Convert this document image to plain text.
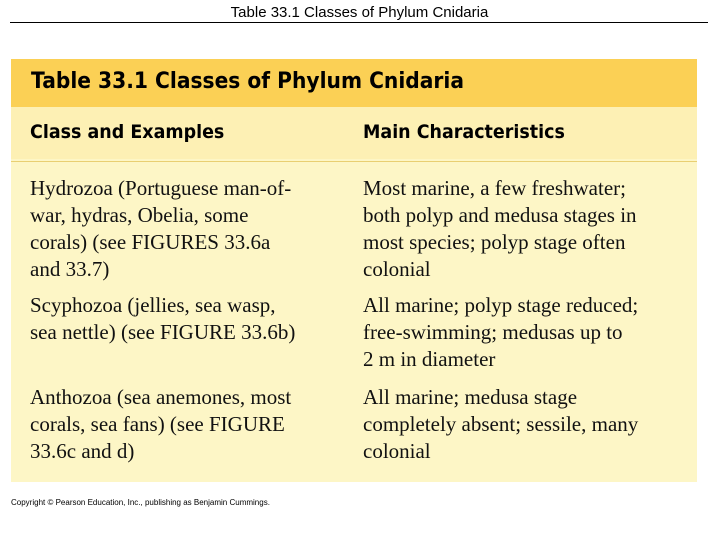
Table 33.1 Classes of Phylum Cnidaria
Table 33.1 Classes of Phylum Cnidaria
Class and Examples	Main Characteristics
Hydrozoa (Portuguese man-of-
war, hydras, Obelia, some
corals) (see FIGURES 33.6a
and 33.7)
Most marine, a few freshwater;
both polyp and medusa stages in
most species; polyp stage often
colonial
Scyphozoa (jellies, sea wasp,
sea nettle) (see FIGURE 33.6b)
All marine; polyp stage reduced;
free-swimming; medusas up to
2 m in diameter
Anthozoa (sea anemones, most
corals, sea fans) (see FIGURE
33.6c and d)
All marine; medusa stage
completely absent; sessile, many
colonial
Copyright © Pearson Education, Inc., publishing as Benjamin Cummings.
